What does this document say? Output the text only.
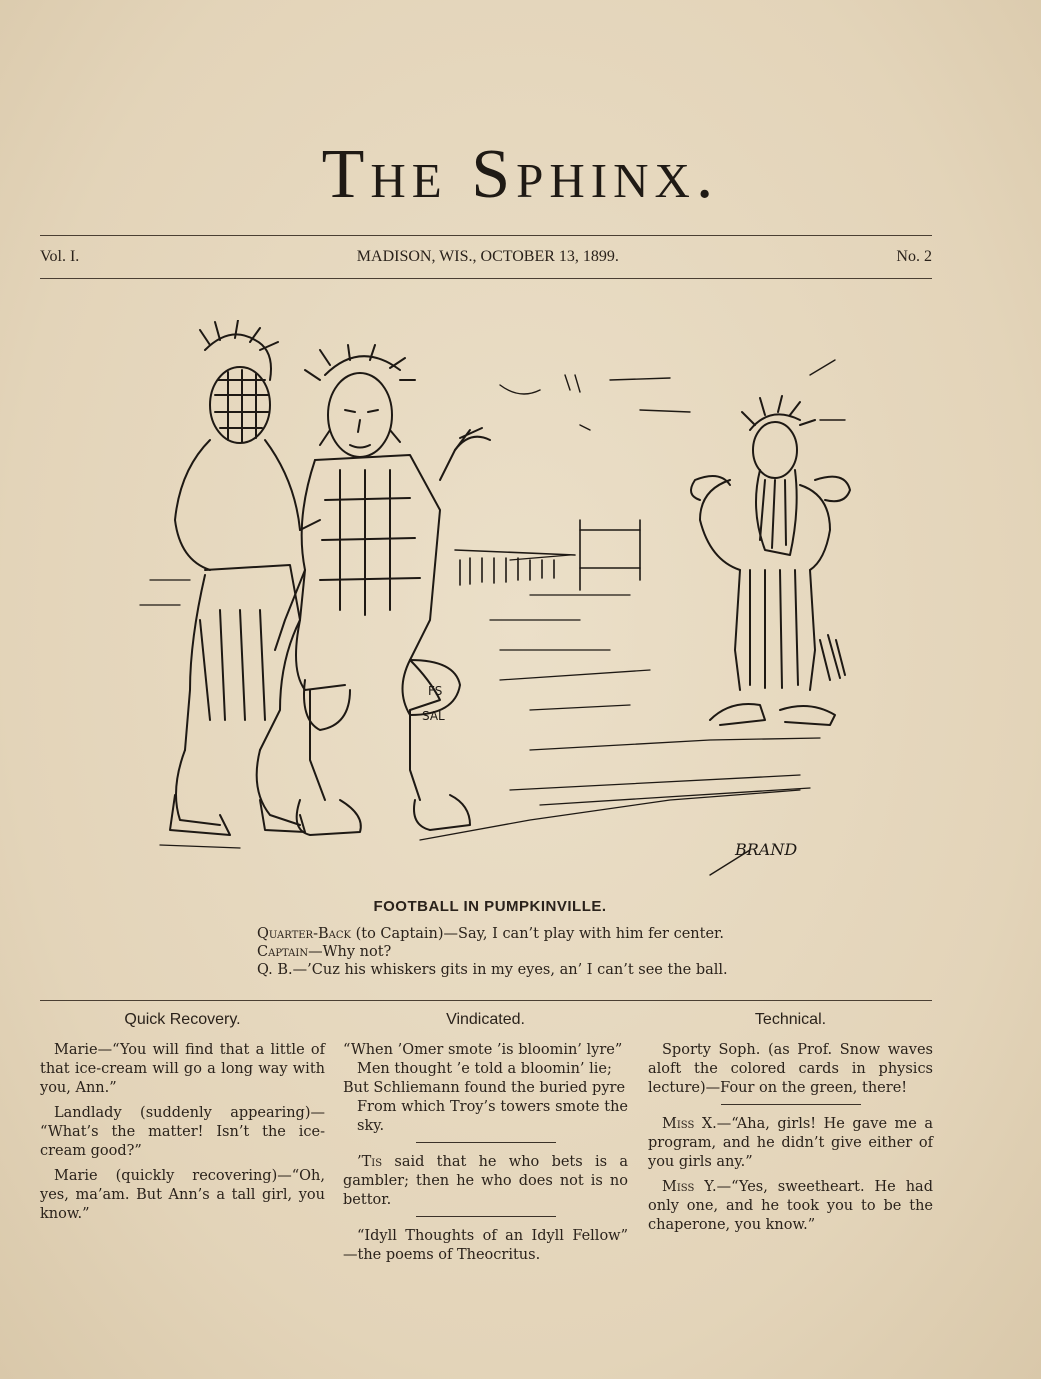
The Sphinx.
Vol. I.	MADISON, WIS., OCTOBER 13, 1899.	No. 2
FS
SAL
BRAND
FOOTBALL IN PUMPKINVILLE.

Quarter-Back (to Captain)—Say, I can’t play with him fer center.

Captain—Why not?

Q. B.—’Cuz his whiskers gits in my eyes, an’ I can’t see the ball.

Quick Recovery.

Marie—“You will find that a little of that ice-cream will go a long way with you, Ann.”

Landlady (suddenly appearing)— “What’s the matter! Isn’t the ice-cream good?”

Marie (quickly recovering)—“Oh, yes, ma’am. But Ann’s a tall girl, you know.”

Vindicated.

“When ’Omer smote ’is bloomin’ lyre”

Men thought ’e told a bloomin’ lie;

But Schliemann found the buried pyre

From which Troy’s towers smote the sky.

’Tis said that he who bets is a gambler; then he who does not is no bettor.

“Idyll Thoughts of an Idyll Fellow” —the poems of Theocritus.

Technical.

Sporty Soph. (as Prof. Snow waves aloft the colored cards in physics lecture)—Four on the green, there!

Miss X.—“Aha, girls! He gave me a program, and he didn’t give either of you girls any.”

Miss Y.—“Yes, sweetheart. He had only one, and he took you to be the chaperone, you know.”
